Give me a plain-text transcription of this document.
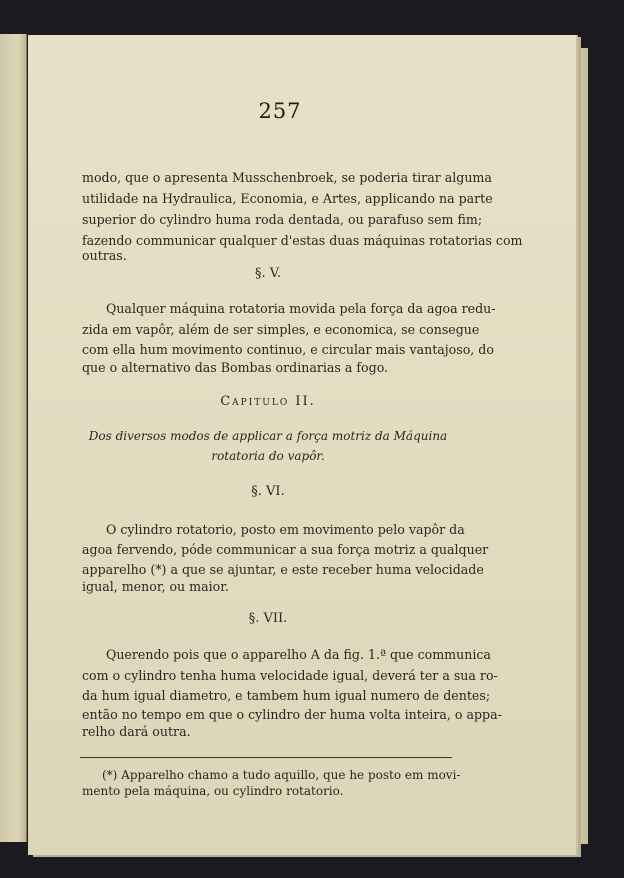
257
modo, que o apresenta Musschenbroek, se poderia tirar alguma
utilidade na Hydraulica, Economia, e Artes, applicando na parte
superior do cylindro huma roda dentada, ou parafuso sem fim;
fazendo communicar qualquer d'estas duas máquinas rotatorias com
outras.
§. V.
Qualquer máquina rotatoria movida pela força da agoa redu-
zida em vapôr, além de ser simples, e economica, se consegue
com ella hum movimento continuo, e circular mais vantajoso, do
que o alternativo das Bombas ordinarias a fogo.
Capitulo II.
Dos diversos modos de applicar a força motriz da Máquina
rotatoria do vapôr.
§. VI.
O cylindro rotatorio, posto em movimento pelo vapôr da
agoa fervendo, póde communicar a sua força motriz a qualquer
apparelho (*) a que se ajuntar, e este receber huma velocidade
igual, menor, ou maior.
§. VII.
Querendo pois que o apparelho A da fig. 1.ª que communica
com o cylindro tenha huma velocidade igual, deverá ter a sua ro-
da hum igual diametro, e tambem hum igual numero de dentes;
então no tempo em que o cylindro der huma volta inteira, o appa-
relho dará outra.
(*) Apparelho chamo a tudo aquillo, que he posto em movi-
mento pela máquina, ou cylindro rotatorio.
